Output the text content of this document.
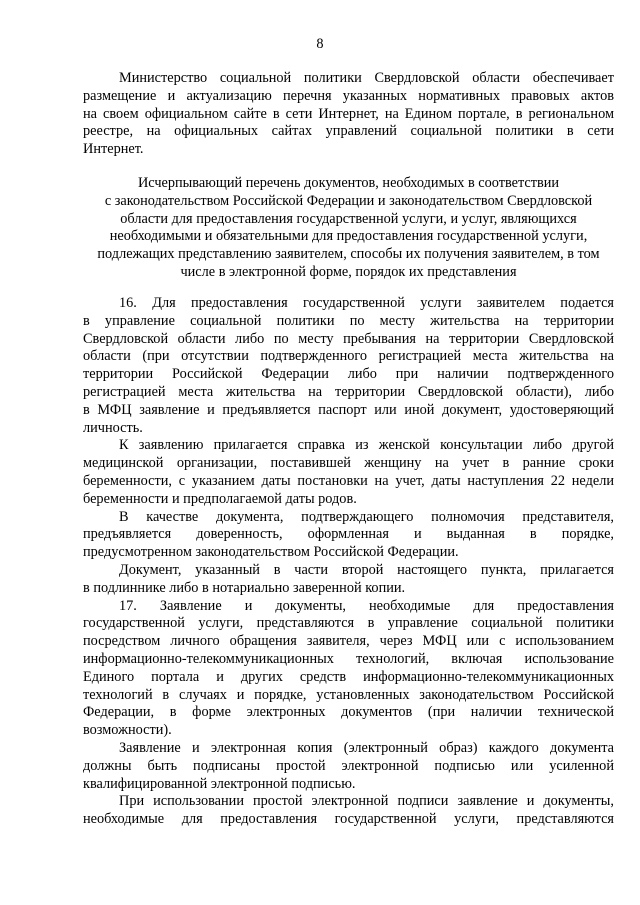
8
Министерство социальной политики Свердловской области обеспечивает
размещение и актуализацию перечня указанных нормативных правовых актов
на своем официальном сайте в сети Интернет, на Едином портале, в региональном
реестре, на официальных сайтах управлений социальной политики в сети
Интернет.
Исчерпывающий перечень документов, необходимых в соответствии
с законодательством Российской Федерации и законодательством Свердловской
области для предоставления государственной услуги, и услуг, являющихся
необходимыми и обязательными для предоставления государственной услуги,
подлежащих представлению заявителем, способы их получения заявителем, в том
числе в электронной форме, порядок их представления
16. Для предоставления государственной услуги заявителем подается
в управление социальной политики по месту жительства на территории
Свердловской области либо по месту пребывания на территории Свердловской
области (при отсутствии подтвержденного регистрацией места жительства на
территории Российской Федерации либо при наличии подтвержденного
регистрацией места жительства на территории Свердловской области), либо
в МФЦ заявление и предъявляется паспорт или иной документ, удостоверяющий
личность.
К заявлению прилагается справка из женской консультации либо другой
медицинской организации, поставившей женщину на учет в ранние сроки
беременности, с указанием даты постановки на учет, даты наступления 22 недели
беременности и предполагаемой даты родов.
В качестве документа, подтверждающего полномочия представителя,
предъявляется доверенность, оформленная и выданная в порядке,
предусмотренном законодательством Российской Федерации.
Документ, указанный в части второй настоящего пункта, прилагается
в подлиннике либо в нотариально заверенной копии.
17. Заявление и документы, необходимые для предоставления
государственной услуги, представляются в управление социальной политики
посредством личного обращения заявителя, через МФЦ или с использованием
информационно-телекоммуникационных технологий, включая использование
Единого портала и других средств информационно-телекоммуникационных
технологий в случаях и порядке, установленных законодательством Российской
Федерации, в форме электронных документов (при наличии технической
возможности).
Заявление и электронная копия (электронный образ) каждого документа
должны быть подписаны простой электронной подписью или усиленной
квалифицированной электронной подписью.
При использовании простой электронной подписи заявление и документы,
необходимые для предоставления государственной услуги, представляются
